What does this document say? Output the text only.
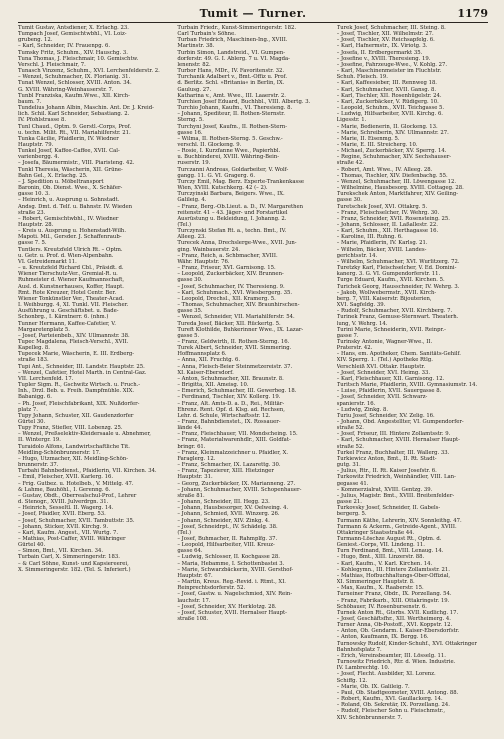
Tumit — Turner.	1179

Tumit Gustav, Antsdiener, X. Erlachg. 23.

Tumpach Josef, Gemischtwbhl., VI. Loiz-

grubeng. 12.

– Karl, Schneider, IV. Frauenpg. 6.

Tumsky Fritz, Schuhm., XIV. Hauschg. 3.

Tuna Thomas, J. Fleischmair, 10. Gemischtw.

Verschl. J. Fleischmair, 7.

Tunasch Vinzenz, Schuhm., XVI. Lerchenfelderstr. 2.

– Wenzel, Schuhmacher, IX. Florianig. 31.

Tunat Wenzel, Schlosser, XVIII. Anton. 34.

G. XVIII. Währing-Weinhauserstr. 7.

Tunbl Franziska, Kaufm.Wwe., XII. Kirch-

baum. 7.

Tundelius Johann Albin, Maschin. Ant. Dr. J. Kreid-

lich. Schil. Karl Schneider, Sebastiang. 2.

IV. Pfohlstrasse 8.

Tunl Chaud., Optm. 9. Gerstl.-Corps, Prof.

u. techn. Milit. Rt., VII. Mariahilferstr. 21.

Tunka Cäcilie, Pfaidlerin, IV. Wiedner

Hauptstr. 79.

Tunkel Josef, Kaffee-Caffee, XVII. Cal-

varienbergg. 4.

– Josefa, Bäumermistr., VIII. Piaristeng. 42.

Tunkl Theresia, Wäscherin, XII. Grüne-

Bahn Gel., X. Erlachg. 25.

– J. Spedition u. Möbeltransport

Baronin, Ob. Dienst. Wwe., X. Schäfer-

gasse 10. 3.

– Heinrich, u. Ausprung u. Sohnstadt.

Andsg. Dmt. d. Telf. u. Bahnstr. IV. Wieden

straße 23.

– Robert, Gemischtwbhl., IV. Wiedner

Hauptstr. 28.

– Kreis u. Ausprung u. Hohenstadt-Wilh.

Mapoti. Mil., Gersder. J. Schaffenraub-

gasse 7. 5.

Tuntlers. Kreutzfeld Ulrich Rt. – Optm.

u. Getr. u. Prof. d. Wien-Alpenbahn.

VI. Getreidemarkt 11.

– u. Kreutzfeld Richard Cbl., Präsidt. d.

Wiener Tierschutz-Ver., Gremial-R. u.

Ruhmeister d. Wiener Kaufmannschaft,

Ausl. d. Kunstnerhauses, Koffer, Haupt.

Rmt. Rote Kreuzer, Hotel Centr. Ber.

Wiener Tonkünstler Ver., Theater-Acad.

I. Weihburgg. 4, XI. Tunkl. VII. Fleischer.

Ausführung u. Geschäftsbet. u. Bade-

Schonbrg., I. Kärntnerr. 6. (nhm.)

Tunner Hermann, Kaffee-Cafetier, V.

Margaretenplatz 5.

– Josef, Parteienbeb., XIV. Ullmannstr. 38.

Tupec Magdalena, Fleisch-Verschl., XVII.

Kapelleg. 8.

Tupecek Marie, Wäscherin, E. III. Erdberg-

straße 183.

Tupi Ant., Schneider, III. Landstr. Hauptstr. 25.

– Wenzel, Cafetier, Hotel Marth. in Central-Gaz.

VII. Lerchenfeld. 17.

Tupler Sigm. R., Gschwitz Wirtsch. u. Fruch.-

Inh., Drzl. Beb. u. Freih. Dampfmühle. XIX.

Babanigg. 6.

– Ph. Josef, Fleischfabrikant, XIX. Nußdorfer-

platz 7.

Tupy Johann, Schuster, XII. Gaudenzdorfer

Gürtel 30.

Tupy Franz, Stiefler, VIII. Lobenzg. 25.

– Wenzel, Preßselektiv-Kleidersaale u. Abnehmer,

II. Wintergr. 19.

Turaidolo Alfons, Landwirtschaftliche Tit.

Meidling-Schönbrunnerstr. 17.

– Hugo, Utzmacher, XII. Meidling-Schön-

brunnerstr. 37.

Turbahi Bahnbedienst., Pfaidlerin, VII. Kirchen. 34.

– Emil, Fleischer, XVII. Karlerg. 16.

– Frig. Gutbez. u. Hotelbeb., V. Mittelg. 47.

& Lahme, Bauhöhl., I. Gerenng. 6.

– Gustav, Obdt., Oberrealschul-Prof., Lehrer

d. Stenogr., XVIII. Julverdrgn. 31.

– Heinrich, Sesseltl. II. Wagerg. 14.

– Josef, Pfaidler, XVII. Eberg. 53.

– Josef, Schuhmacher, XVII. Tambuttstr. 35.

– Johann, Sticker, XVII. Kirchg. 9.

– Karl, Kaufm. Angest., VII. Wurtg. 7.

– Mathias, Post-Caffer, XVIII. Währinger

Gürtel 40.

– Simon, Bmt., VII. Kirchen. 34.

Turbain Carl, X. Simmeringerstr. 183.

– & Carl Söhne, Kunst- und Kapsiereerei,

X. Simmeringerstr. 182. (Tel. S. Inferiert.)

Turbain Friedr., Kunst-Simmeringerstr. 182.

Carl Turbain's Söhne.

Turban Friedrich, Maschinen-Ing., XVIII.

Martinstr. 38.

Turbin Simon, Landstreid., VI. Gumpen-

dorferstr. 49. G. I. Ablerg. 7 u. VI. Magda-

lenenstr. 82.

Turbor Hans, MDr., IV. Favoritenstr. 32.

Turchanik Adalbert v., Bmt.-Offiz u. Prof.

d. Berlitz. Schl. »Britania« in Berlin, IX.

Gaulusg. 27.

Katharina v., Amt. Wwe., III. Laaerstr. 2.

Turchien Josef Eduard, Buchhbl., VIII. Albertg. 3.

Turchio Johann, Kaufm., VI. Theresieng. 8.

– Johann, Spediteur, II. Rothen-Sternstr.

Sterng. 5.

Turchyni Josef, Kaufm., II. Rothen-Stern-

gasse 16.

– Wilma, II. Rothen-Sterng. 5. Geschw.-

verschl. II. Glockeng. 9.

– Rosie, I. Kurzfanne Wwe., Papierhbl.

u. Buchbinderei, XVIII. Währing-Bein-

ruserstr. 19.

Turczanni Andreas, Goldarbeiter, V. Wolf-

gangg. 11. G. VI. Gragerg. 6.

Turczy Emil, Mag. Berz. Experte-Trankenkasse

Wien, XVIII. Kutschkerg. 42 (– 2).

Turczyinski Barbara, Beigers. Wwe., IX.

Galileig. 4.

– Franz, Berg.-Ob.Lieut. a. D., IV. Margarethen

reitenstr. 41 – 43. Jäger- und Forstartikel

Ausrüstung u. Bekleidung, I. Johanng. 2.

(Tel.)

Turczynski Stefan Rt. a., techn. Bmt., IV.

Alleeg. 23.

Turecek Anna, Drechslerge-Wwe., XVII. Jun-

ging. Wainbauerstr. 24.

– Franz, Reich, a. Schbmacher, XVIII.

Währ. Hauptstr. 76.

– Franz, Friseur, XVI. Garnisong. 15.

– Leopold, Zuckerbäcker, XIV. Brunnen-

gasse 30.

– Josef, Schuhmacher, IV. Theresieng. 9.

– Karl, Schuhmach., XVI. Wiesbergerg. 35.

– Leopold, Drechsl., XII. Kramerg. 5.

– Thomas, Schuhmacher, XIV. Braunhirschen-

gasse 35.

– Wenzel, Schneider, VII. Mariahilferstr. 54.

Tureda Josef, Bäcker, XII. Rückertg. 5.

Tureft Klothilde, Buhkerinner Wwe., IX. Lazar-

gasse 5.

– Franz, Geldwirth, II. Rothen-Sterng. 16.

Turek Albert, Schneider, XVII. Simmering.

Hoffmannsplatz 6.

– Anna, XII. Fruchtg. 6.

– Anna, Fleisch-Beier Steinmetzereistr. 37.

XI. Kaiser-Ebersdorf.

– Anton, Schuhmacher, XII. Braunstr. 8.

– Brigitta, XII. Ameisg. 10.

– Emerich, Schuhmacher, III. Gewerbeg. 18.

– Ferdinand, Tischler, XIV. Kollerg. 19.

– Franz, Alt. Amts-D. a. D., Rei., Militär-

Ehrenz. Rent. Opf. d. Klsg. ad. Rechsen,

Lehr. d. Schule, Wirtschaftsstr. 12.

– Franz, Bahnbdienstet., IX. Rossauer-

lände 44.

– Franz, Fleischhauer, VII. Mondscheing. 15.

– Franz, Materialwarenhdlr., XIII. Goldfat-

bringr. 61.

– Franz, Kleinmalzzeichner u. Pfaidler, X.

Faraglerg. 12.

– Franz, Schmacher, IX. Lazarettg. 30.

– Franz, Tapezierer, XIII. Hietzinger

Hauptstr. 31.

– Georg, Zuckerbäcker, IX. Marianneng. 27.

– Johann, Schuhmacher, XVIII. Schopenhauer-

straße 81.

– Johann, Schneider, III. Hegg. 23.

– Johann, Hausbesorger, XV. Oelweing. 4.

– Johann, Schmied, XVII. Winzerg. 26.

– Johann, Schneider, XIV. Zinkg. 4.

– Josef, Schneidrpt., IV. Schädelg. 38.

(Tel.)

– Josef, Buhmacher, II. Rahmplfg. 37.

– Leopold, Hilfsarbeiter, VIII. Kreuz-

gasse 64.

– Ludwig, Schlosser, II. Kochgasse 28.

– Maria, Hebamme, I. Schottenbastei 3.

– Marie, Schwarzbäckerin, XVIII. Gersthof-

Hauptstr. 67.

– Martin, Kreus. Reg.-Revid. i. Rtmt., XI.

Reinprechtsdorferstr. 52.

– Josef, Gastw. u. Nagelschmied, XIV. Rein-

lauchstr. 17.

– Josef, Schneider, XV. Herklotzg. 28.

– Josef, Schuster, XVII. Hernalser Haupt-

straße 108.

Turek Josef, Schuhmacher, III. Steing. 8.

– Josef, Tischler, XII. Wilhelmstr. 27.

– Josef, Tischler, XV. Reichsapfelg. 6.

– Karl, Hafnermstr., IX. Viriotg. 3.

– Josefa, II. Erdbergermarkt 35.

– Josefine v., XVIII. Theresieng. 19.

– Josefine, Fahrzeuge-Wwe., V. Kohlg. 27.

– Karl, Maschinenmeister im Fluchtstr.

Schuh. Fleisch. 19.

– Karl, Kaffeesieber, III. Rennweg 18.

– Karl, Schuhmacher, XVII. Gansg. 8.

– Karl, Tischler, XII. Rosenhügelstr. 24.

– Karl, Zuckerbäcker, V. Rüdigerg. 10.

– Leopold, Schuhm., XVII. Teichgasse 5.

– Ludwig, Hilfsarbeiter, XVII. Kirchg. 6.

Ligesstr. 1.

– Marie, Bedienerin, II. Glockeng. 13.

– Marie, Schreiberin, XIV. Ullmannstr. 27.

– Marie, II. Eisenmg. 5.

– Marie, E. III. Streicherg. 10.

– Michael, Zuckerbäcker, XV. Sperrg. 14.

– Regine, Schuhmacher, XIV. Sechshauser-

straße 42.

– Robert, Amt. Wwe., IV. Alleeg. 28.

– Thomas, Tischler, XIV. Diefenbachg. 55.

– Wenzel, Schuhmacher, III. Löwengasse 12.

– Wilhelmine, Hausbesorg. XVIII. Cottageg. 28.

Turekschek Anton, Marktfahrer, XIV. Geiling-

gasse 30.

Turetschek Josef, XVI. Ottakrg. 5.

– Franz, Fleischselcher, IV. Wehrg. 30.

– Franz, Schneider, XVII. Rosensteing. 25.

– Johann, Schlosser, II. Laßallestr. 22.

– Karl, Schuhm., XII. Herthagasse 16.

– Karoline, III. Ruhng. 6.

– Marie, Pfaidlerin, IV. Karlsg. 21.

– Wilhelm, Bäcker, XVIII. Landes-

gerichtsstr. 14.

– Wilhelm, Schuhmacher, XVI. Wurlitzerg. 72.

Turetzky Karl, Fleischselcher, V. Ed. Domini-

kanerg. 3. G. VI. Gumpendorferstr. 11.

Turge Eduard, Kaufm., XVII. Kirchen. 5.

Turichek Georg, Hausschneider, IV. Wehrg. 3.

– Jakob, Wollwebermstr., XVII. Kirch-

berg. 7, VIII. Kaiserstr. Bijouterien,

XVI. Sagfeldg. 39.

– Rudolf, Schuhmacher, XVII. Kirchberg. 7.

Turinek Franz, Gemuse-Sternwart. Theaterh.

lung, V. Wehrg. 14.

Turini Marie, Schneiderin, XVII. Reinpr.-

gasse 7.

Turinsky Antonie, Wagner-Wwe., II.

Praterstr. 42.

– Hans, em. Apotheker, Chem. Sanitäts-Gehilf.

XIV. Sperrg. 1. (Tel.) Apotheke Rtlg.

Verschleiß XVI. Ottakr. Hauptstr.

– Josef, Schneider, XVI. Heimg. 33.

– Karl, Fleischhauer, XII. Garnisong. 12.

Turitsch Marie, Pfaidlerin, XVIII. Gymnasiumstr. 14.

– Luise, Pfaidlerin, XVII. Sauergasse 8.

– Josef, Schneider, XVII. Schwarz-

spanierstr. 16.

– Ludwig, Zinkg. 8.

Turiu Josef, Schneider, XV. Zelig. 16.

– Johann, Obd. Angestellter, VI. Gumpendorfer-

straße 52.

– Josef, Friseur, III. Hintere Zollamtsstr. 9.

– Karl, Schuhmacher, XVIII. Hernalser Haupt-

straße 52.

Turkel Franz, Buchhalter, III. Wallerg. 33.

Turkiewicz Anton, Bmt., II. Rt. Stadt-

gutg. 31.

– Julius, Rtr., II. Rt. Kaiser Josefstr. 6.

Turkowitz Friedrich, Weinhändler, VIII. Lan-

gegasse 41.

– Kommerzialrat, XVIII. Gentzg. 39.

– Julius, Magistr. Bmt., XVIII. Breitenfelder-

gasse 21.

Turkovsky Josef, Schneider, II. Gabels-

bergerg. 5.

Turmann Käthe, Lehrerin, XIV. Sonnleithg. 47.

Turmann & Ackerm., Getreide-Agent., XVIII.

Ottakringer Staatsstraße 44.

Turmann-Löschze August Rt., Optm. d.

Geniest.-Corps, VII. Lindeng. 11.

Turn Ferdinand, Bmt., VIII. Lenaug. 14.

– Hugo, Bmt., XIII. Linzerstr. 88.

– Karl, Kaufm., V. Karl. Kirchen. 14.

– Kohlegymn., III. Hintere Zollamtsstr. 21.

– Mathias, Hofbuchhaltungs-Ober-Offizial,

XI. Simmeringer Hauptstr. 8.

– Max, Kaufm., X. Raaberstr. 15.

Turneiner Franz, Obdr., IX. Porzellang. 54.

– Franz, Fabrikarb., XIII. Ottakringstr. 19.

Schöbauer, IV. Rosenbursenstr. 6.

Turnek Anton Rt., Gtsrbs. XVII. Kudlichg. 17.

– Josef, Geschäftsfhr., XII. Wertheimerg. 4.

Turner Anna, Ob-Postoff., XVI. Koppstr. 12.

– Anton, Ob. Gendarm. I. Kaiser-Ebersdorfstr.

– Anton, Kaufmann, IX. Bergg. 16.

Turnowsky Rudolf, Kinder-Schuhf., XVI. Ottakringer

Bahnhofsplatz 7.

– Erich, Vereinsbeamter, III. Lösselg. 11.

Turnowitz Friedrich, Rtr. d. Wien. Industrie.

IV. Lambrechtg. 10.

– Josef, Flecht. Ausbilder, XI. Lorenz.

Schiffg. 12.

– Marie, Ob. IX. Galileig. 7.

– Paul, Ob. Stadtgeometer, XVIII. Antong. 88.

– Robert, Kaufm., XVI. Gaullackerg. 14.

– Roland, Ob. Sekretär, IX. Porzellang. 24.

– Rudolf, Fleischer Sohn u. Fleischmstr.,

XIV. Schönbrunnerstr. 7.
